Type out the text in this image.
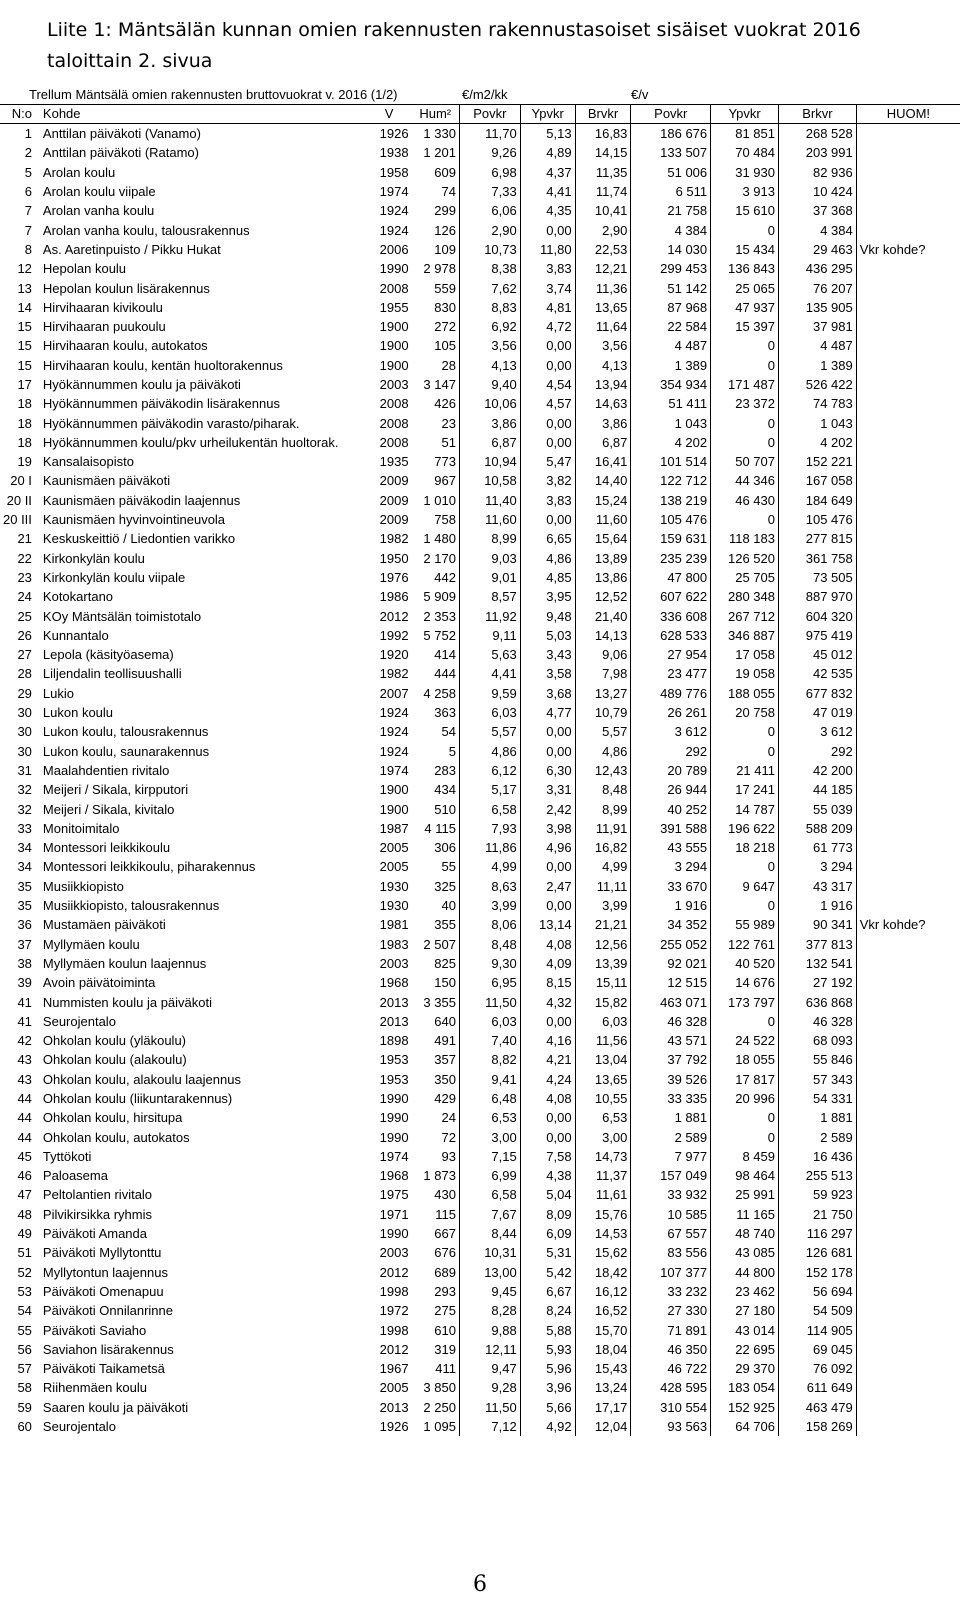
Liite 1: Mäntsälän kunnan omien rakennusten rakennustasoiset sisäiset vuokrat 2016 taloittain 2. sivua
Trellum Mäntsälä omien rakennusten bruttovuokrat v. 2016 (1/2)	€/m2/kk	€/v
N:o	Kohde	V	Hum²	Povkr	Ypvkr	Brvkr	Povkr	Ypvkr	Brkvr	HUOM!
1	Anttilan päiväkoti (Vanamo)	1926	1 330	11,70	5,13	16,83	186 676	81 851	268 528	
2	Anttilan päiväkoti (Ratamo)	1938	1 201	9,26	4,89	14,15	133 507	70 484	203 991	
5	Arolan koulu	1958	609	6,98	4,37	11,35	51 006	31 930	82 936	
6	Arolan koulu viipale	1974	74	7,33	4,41	11,74	6 511	3 913	10 424	
7	Arolan vanha koulu	1924	299	6,06	4,35	10,41	21 758	15 610	37 368	
7	Arolan vanha koulu, talousrakennus	1924	126	2,90	0,00	2,90	4 384	0	4 384	
8	As. Aaretinpuisto / Pikku Hukat	2006	109	10,73	11,80	22,53	14 030	15 434	29 463	Vkr kohde?
12	Hepolan koulu	1990	2 978	8,38	3,83	12,21	299 453	136 843	436 295	
13	Hepolan koulun lisärakennus	2008	559	7,62	3,74	11,36	51 142	25 065	76 207	
14	Hirvihaaran kivikoulu	1955	830	8,83	4,81	13,65	87 968	47 937	135 905	
15	Hirvihaaran puukoulu	1900	272	6,92	4,72	11,64	22 584	15 397	37 981	
15	Hirvihaaran koulu, autokatos	1900	105	3,56	0,00	3,56	4 487	0	4 487	
15	Hirvihaaran koulu, kentän huoltorakennus	1900	28	4,13	0,00	4,13	1 389	0	1 389	
17	Hyökännummen koulu ja päiväkoti	2003	3 147	9,40	4,54	13,94	354 934	171 487	526 422	
18	Hyökännummen päiväkodin lisärakennus	2008	426	10,06	4,57	14,63	51 411	23 372	74 783	
18	Hyökännummen päiväkodin varasto/piharak.	2008	23	3,86	0,00	3,86	1 043	0	1 043	
18	Hyökännummen koulu/pkv urheilukentän huoltorak.	2008	51	6,87	0,00	6,87	4 202	0	4 202	
19	Kansalaisopisto	1935	773	10,94	5,47	16,41	101 514	50 707	152 221	
20 I	Kaunismäen päiväkoti	2009	967	10,58	3,82	14,40	122 712	44 346	167 058	
20 II	Kaunismäen päiväkodin laajennus	2009	1 010	11,40	3,83	15,24	138 219	46 430	184 649	
20 III	Kaunismäen hyvinvointineuvola	2009	758	11,60	0,00	11,60	105 476	0	105 476	
21	Keskuskeittiö / Liedontien varikko	1982	1 480	8,99	6,65	15,64	159 631	118 183	277 815	
22	Kirkonkylän koulu	1950	2 170	9,03	4,86	13,89	235 239	126 520	361 758	
23	Kirkonkylän koulu viipale	1976	442	9,01	4,85	13,86	47 800	25 705	73 505	
24	Kotokartano	1986	5 909	8,57	3,95	12,52	607 622	280 348	887 970	
25	KOy Mäntsälän toimistotalo	2012	2 353	11,92	9,48	21,40	336 608	267 712	604 320	
26	Kunnantalo	1992	5 752	9,11	5,03	14,13	628 533	346 887	975 419	
27	Lepola (käsityöasema)	1920	414	5,63	3,43	9,06	27 954	17 058	45 012	
28	Liljendalin teollisuushalli	1982	444	4,41	3,58	7,98	23 477	19 058	42 535	
29	Lukio	2007	4 258	9,59	3,68	13,27	489 776	188 055	677 832	
30	Lukon koulu	1924	363	6,03	4,77	10,79	26 261	20 758	47 019	
30	Lukon koulu, talousrakennus	1924	54	5,57	0,00	5,57	3 612	0	3 612	
30	Lukon koulu, saunarakennus	1924	5	4,86	0,00	4,86	292	0	292	
31	Maalahdentien rivitalo	1974	283	6,12	6,30	12,43	20 789	21 411	42 200	
32	Meijeri / Sikala, kirpputori	1900	434	5,17	3,31	8,48	26 944	17 241	44 185	
32	Meijeri / Sikala, kivitalo	1900	510	6,58	2,42	8,99	40 252	14 787	55 039	
33	Monitoimitalo	1987	4 115	7,93	3,98	11,91	391 588	196 622	588 209	
34	Montessori leikkikoulu	2005	306	11,86	4,96	16,82	43 555	18 218	61 773	
34	Montessori leikkikoulu, piharakennus	2005	55	4,99	0,00	4,99	3 294	0	3 294	
35	Musiikkiopisto	1930	325	8,63	2,47	11,11	33 670	9 647	43 317	
35	Musiikkiopisto, talousrakennus	1930	40	3,99	0,00	3,99	1 916	0	1 916	
36	Mustamäen päiväkoti	1981	355	8,06	13,14	21,21	34 352	55 989	90 341	Vkr kohde?
37	Myllymäen koulu	1983	2 507	8,48	4,08	12,56	255 052	122 761	377 813	
38	Myllymäen koulun laajennus	2003	825	9,30	4,09	13,39	92 021	40 520	132 541	
39	Avoin päivätoiminta	1968	150	6,95	8,15	15,11	12 515	14 676	27 192	
41	Nummisten koulu ja päiväkoti	2013	3 355	11,50	4,32	15,82	463 071	173 797	636 868	
41	Seurojentalo	2013	640	6,03	0,00	6,03	46 328	0	46 328	
42	Ohkolan koulu (yläkoulu)	1898	491	7,40	4,16	11,56	43 571	24 522	68 093	
43	Ohkolan koulu (alakoulu)	1953	357	8,82	4,21	13,04	37 792	18 055	55 846	
43	Ohkolan koulu, alakoulu laajennus	1953	350	9,41	4,24	13,65	39 526	17 817	57 343	
44	Ohkolan koulu (liikuntarakennus)	1990	429	6,48	4,08	10,55	33 335	20 996	54 331	
44	Ohkolan koulu, hirsitupa	1990	24	6,53	0,00	6,53	1 881	0	1 881	
44	Ohkolan koulu, autokatos	1990	72	3,00	0,00	3,00	2 589	0	2 589	
45	Tyttökoti	1974	93	7,15	7,58	14,73	7 977	8 459	16 436	
46	Paloasema	1968	1 873	6,99	4,38	11,37	157 049	98 464	255 513	
47	Peltolantien rivitalo	1975	430	6,58	5,04	11,61	33 932	25 991	59 923	
48	Pilvikirsikka ryhmis	1971	115	7,67	8,09	15,76	10 585	11 165	21 750	
49	Päiväkoti Amanda	1990	667	8,44	6,09	14,53	67 557	48 740	116 297	
51	Päiväkoti Myllytonttu	2003	676	10,31	5,31	15,62	83 556	43 085	126 681	
52	Myllytontun laajennus	2012	689	13,00	5,42	18,42	107 377	44 800	152 178	
53	Päiväkoti Omenapuu	1998	293	9,45	6,67	16,12	33 232	23 462	56 694	
54	Päiväkoti Onnilanrinne	1972	275	8,28	8,24	16,52	27 330	27 180	54 509	
55	Päiväkoti Saviaho	1998	610	9,88	5,88	15,70	71 891	43 014	114 905	
56	Saviahon lisärakennus	2012	319	12,11	5,93	18,04	46 350	22 695	69 045	
57	Päiväkoti Taikametsä	1967	411	9,47	5,96	15,43	46 722	29 370	76 092	
58	Riihenmäen koulu	2005	3 850	9,28	3,96	13,24	428 595	183 054	611 649	
59	Saaren koulu ja päiväkoti	2013	2 250	11,50	5,66	17,17	310 554	152 925	463 479	
60	Seurojentalo	1926	1 095	7,12	4,92	12,04	93 563	64 706	158 269	
6
